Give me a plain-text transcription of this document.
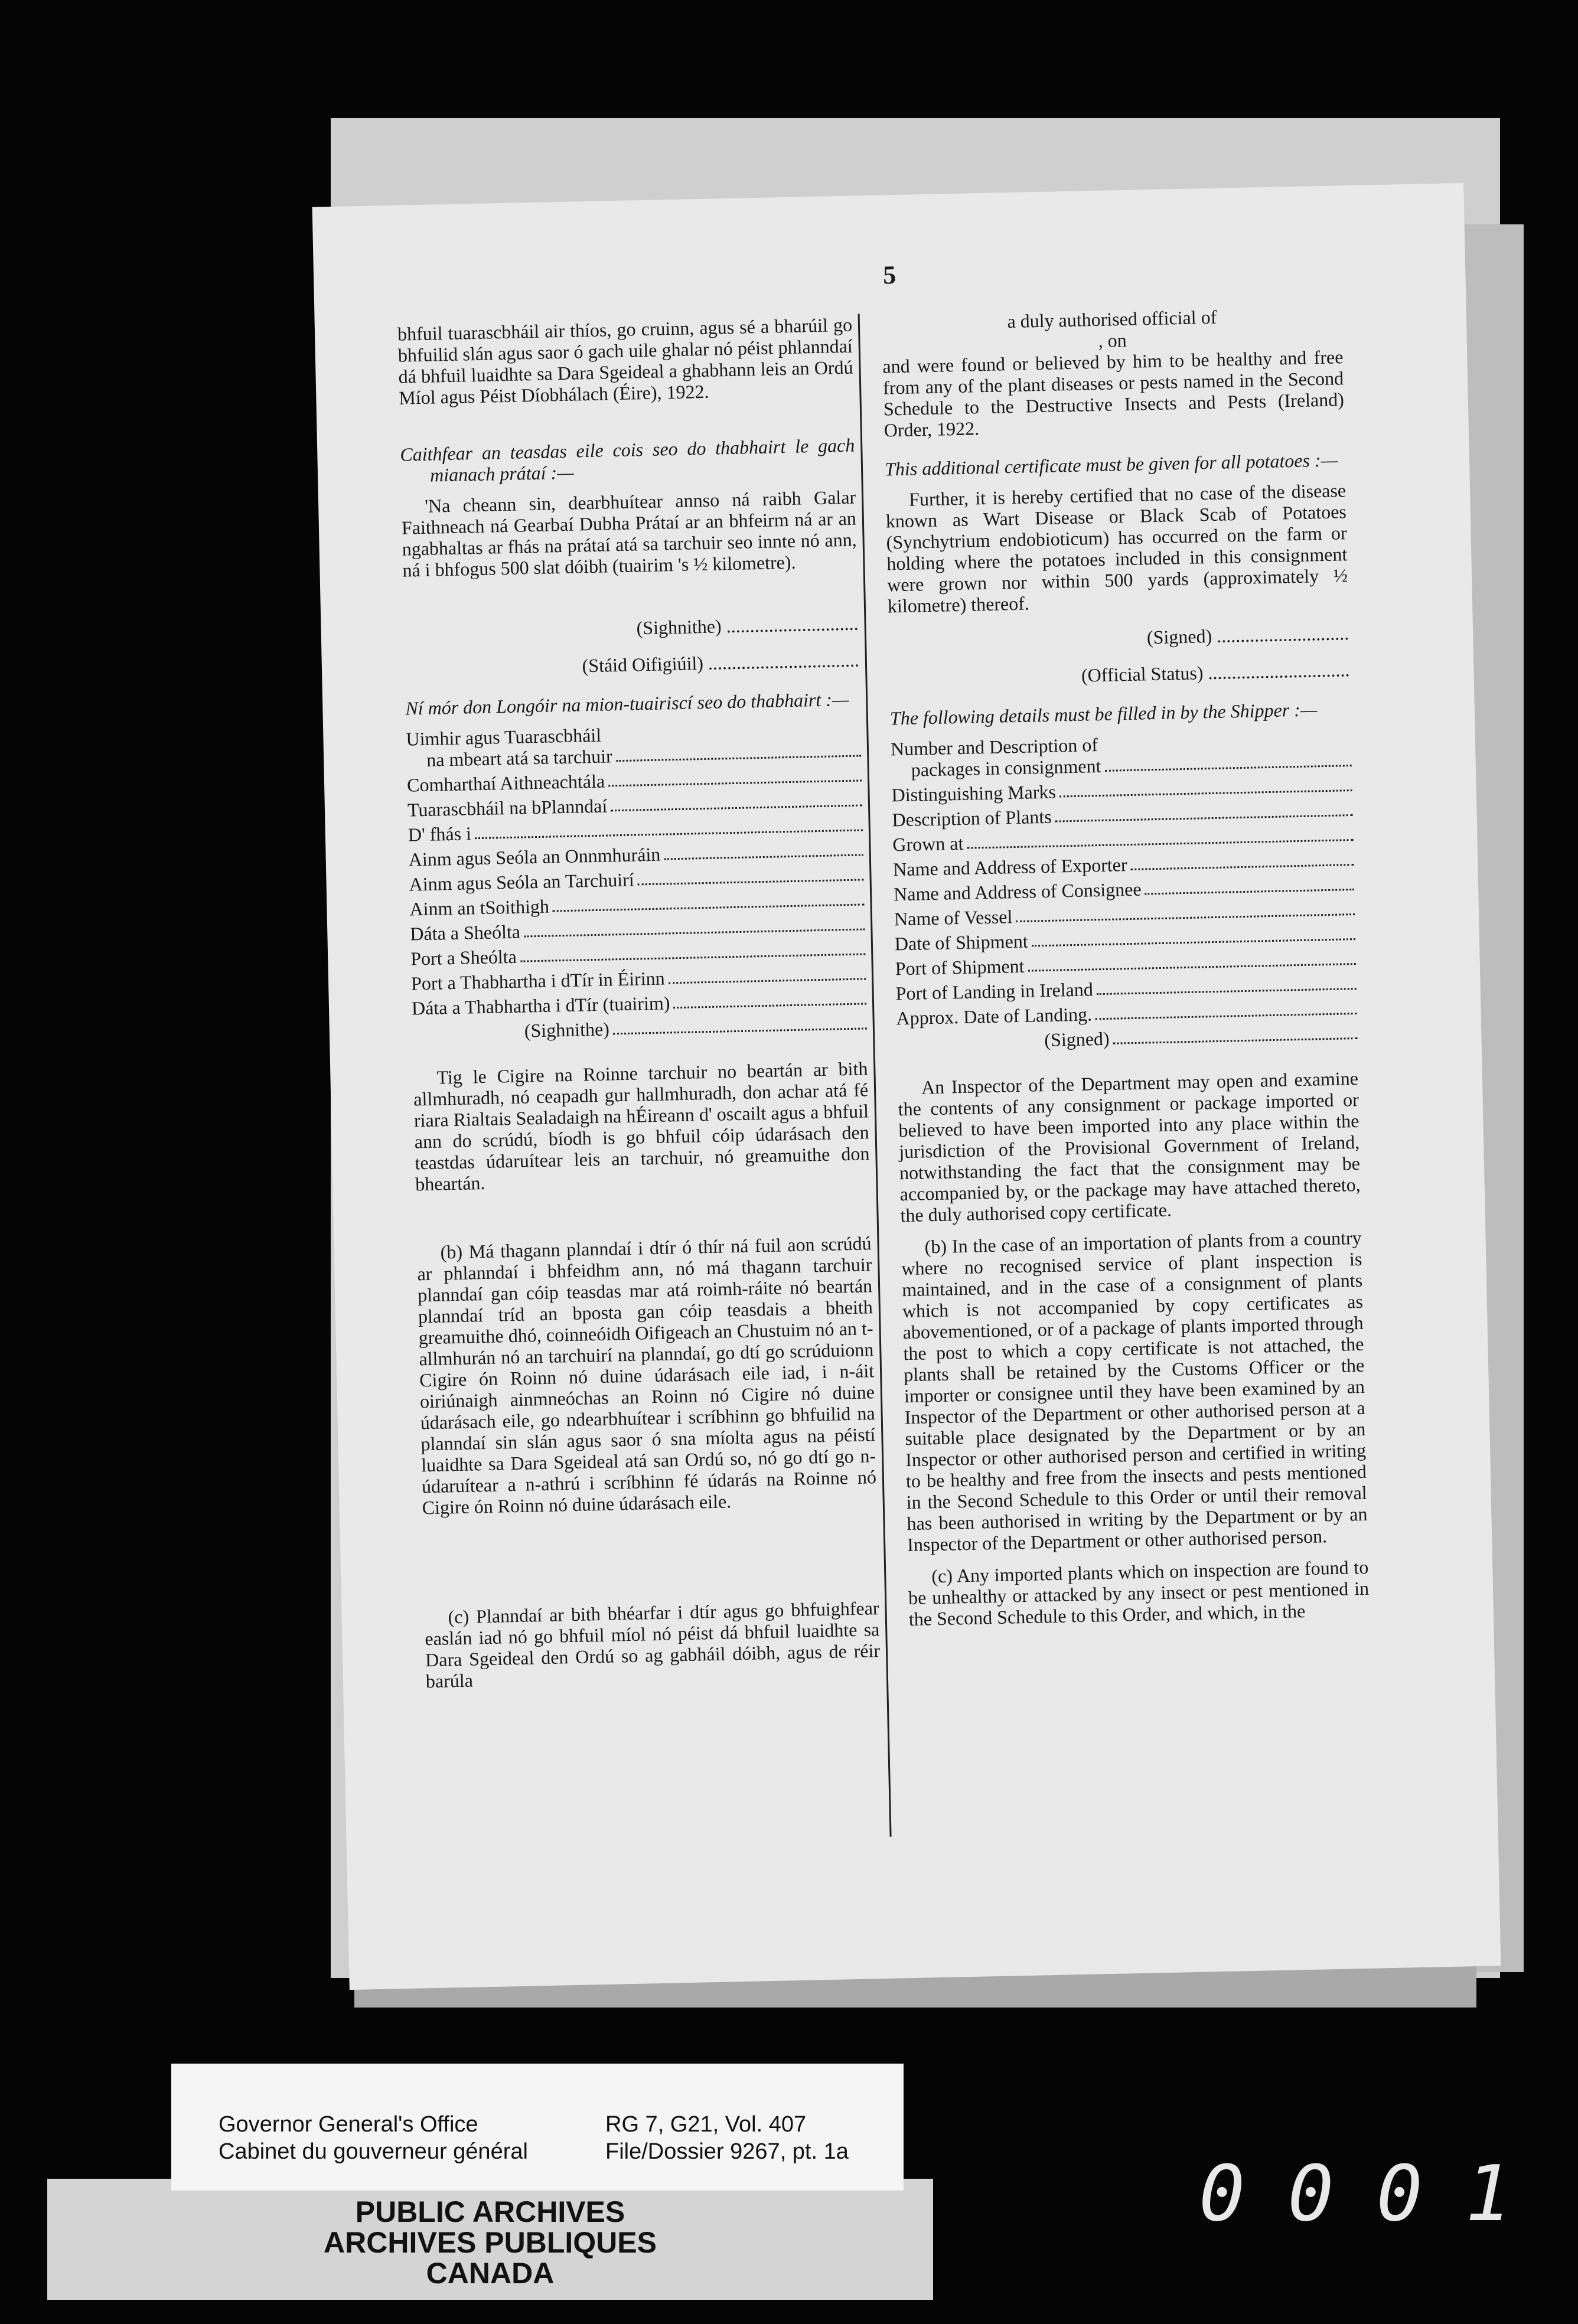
5

bhfuil tuarascbháil air thíos, go cruinn, agus sé a bharúil go bhfuilid slán agus saor ó gach uile ghalar nó péist phlanndaí dá bhfuil luaidhte sa Dara Sgeideal a ghabhann leis an Ordú Míol agus Péist Díobhálach (Éire), 1922.

Caithfear an teasdas eile cois seo do thabhairt le gach mianach prátaí :—

'Na cheann sin, dearbhuítear annso ná raibh Galar Faithneach ná Gearbaí Dubha Prátaí ar an bhfeirm ná ar an ngabhaltas ar fhás na prátaí atá sa tarchuir seo innte nó ann, ná i bhfogus 500 slat dóibh (tuairim 's ½ kilometre).

(Sighnithe) ............................
(Stáid Oifigiúil) ................................

Ní mór don Longóir na mion-tuairiscí seo do thabhairt :—

Uimhir agus Tuarascbháil
na mbeart atá sa tarchuir
Comharthaí Aithneachtála
Tuarascbháil na bPlanndaí
D' fhás i
Ainm agus Seóla an Onnmhuráin
Ainm agus Seóla an Tarchuirí
Ainm an tSoithigh
Dáta a Sheólta
Port a Sheólta
Port a Thabhartha i dTír in Éirinn
Dáta a Thabhartha i dTír (tuairim)
(Sighnithe)

Tig le Cigire na Roinne tarchuir no beartán ar bith allmhuradh, nó ceapadh gur hallmhuradh, don achar atá fé riara Rialtais Sealadaigh na hÉireann d' oscailt agus a bhfuil ann do scrúdú, bíodh is go bhfuil cóip údarásach den teastdas údaruítear leis an tarchuir, nó greamuithe don bheartán.

(b) Má thagann planndaí i dtír ó thír ná fuil aon scrúdú ar phlanndaí i bhfeidhm ann, nó má thagann tarchuir planndaí gan cóip teasdas mar atá roimh-ráite nó beartán planndaí tríd an bposta gan cóip teasdais a bheith greamuithe dhó, coinneóidh Oifigeach an Chustuim nó an t-allmhurán nó an tarchuirí na planndaí, go dtí go scrúduionn Cigire ón Roinn nó duine údarásach eile iad, i n-áit oiriúnaigh ainmneóchas an Roinn nó Cigire nó duine údarásach eile, go ndearbhuítear i scríbhinn go bhfuilid na planndaí sin slán agus saor ó sna míolta agus na péistí luaidhte sa Dara Sgeideal atá san Ordú so, nó go dtí go n-údaruítear a n-athrú i scríbhinn fé údarás na Roinne nó Cigire ón Roinn nó duine údarásach eile.

(c) Planndaí ar bith bhéarfar i dtír agus go bhfuighfear easlán iad nó go bhfuil míol nó péist dá bhfuil luaidhte sa Dara Sgeideal den Ordú so ag gabháil dóibh, agus de réir barúla

a duly authorised official of
, on

and were found or believed by him to be healthy and free from any of the plant diseases or pests named in the Second Schedule to the Destructive Insects and Pests (Ireland) Order, 1922.

This additional certificate must be given for all potatoes :—

Further, it is hereby certified that no case of the disease known as Wart Disease or Black Scab of Potatoes (Synchytrium endobioticum) has occurred on the farm or holding where the potatoes included in this consignment were grown nor within 500 yards (approximately ½ kilometre) thereof.

(Signed) ............................
(Official Status) ..............................

The following details must be filled in by the Shipper :—

Number and Description of
packages in consignment
Distinguishing Marks
Description of Plants
Grown at
Name and Address of Exporter
Name and Address of Consignee
Name of Vessel
Date of Shipment
Port of Shipment
Port of Landing in Ireland
Approx. Date of Landing.
(Signed)

An Inspector of the Department may open and examine the contents of any consignment or package imported or believed to have been imported into any place within the jurisdiction of the Provisional Government of Ireland, notwithstanding the fact that the consignment may be accompanied by, or the package may have attached thereto, the duly authorised copy certificate.

(b) In the case of an importation of plants from a country where no recognised service of plant inspection is maintained, and in the case of a consignment of plants which is not accompanied by copy certificates as abovementioned, or of a package of plants imported through the post to which a copy certificate is not attached, the plants shall be retained by the Customs Officer or the importer or consignee until they have been examined by an Inspector of the Department or other authorised person at a suitable place designated by the Department or by an Inspector or other authorised person and certified in writing to be healthy and free from the insects and pests mentioned in the Second Schedule to this Order or until their removal has been authorised in writing by the Department or by an Inspector of the Department or other authorised person.

(c) Any imported plants which on inspection are found to be unhealthy or attacked by any insect or pest mentioned in the Second Schedule to this Order, and which, in the

PUBLIC ARCHIVES
ARCHIVES PUBLIQUES
CANADA
Governor General's Office
Cabinet du gouverneur général
RG 7, G21, Vol. 407
File/Dossier 9267, pt. 1a	0 0 0 1
